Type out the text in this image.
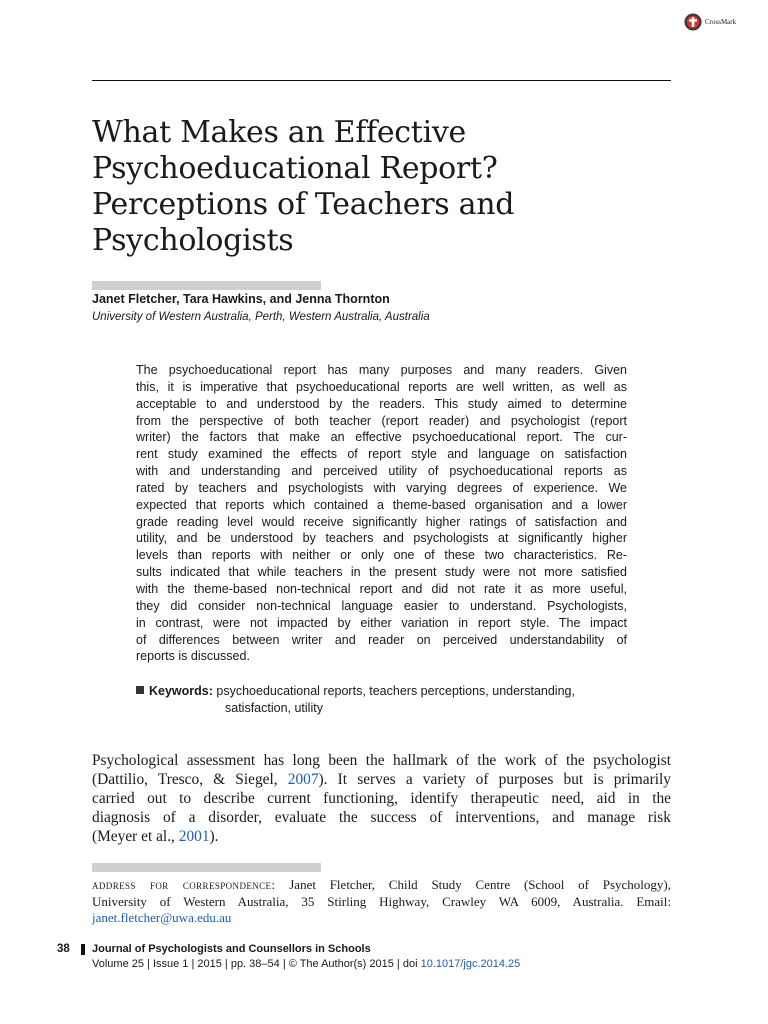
CrossMark
What Makes an Effective
Psychoeducational Report?
Perceptions of Teachers and
Psychologists
Janet Fletcher, Tara Hawkins, and Jenna Thornton
University of Western Australia, Perth, Western Australia, Australia
The psychoeducational report has many purposes and many readers. Given
this, it is imperative that psychoeducational reports are well written, as well as
acceptable to and understood by the readers. This study aimed to determine
from the perspective of both teacher (report reader) and psychologist (report
writer) the factors that make an effective psychoeducational report. The cur-
rent study examined the effects of report style and language on satisfaction
with and understanding and perceived utility of psychoeducational reports as
rated by teachers and psychologists with varying degrees of experience. We
expected that reports which contained a theme-based organisation and a lower
grade reading level would receive significantly higher ratings of satisfaction and
utility, and be understood by teachers and psychologists at significantly higher
levels than reports with neither or only one of these two characteristics. Re-
sults indicated that while teachers in the present study were not more satisfied
with the theme-based non-technical report and did not rate it as more useful,
they did consider non-technical language easier to understand. Psychologists,
in contrast, were not impacted by either variation in report style. The impact
of differences between writer and reader on perceived understandability of
reports is discussed.
Keywords: psychoeducational reports, teachers perceptions, understanding,
satisfaction, utility
Psychological assessment has long been the hallmark of the work of the psychologist
(Dattilio, Tresco, & Siegel, 2007). It serves a variety of purposes but is primarily
carried out to describe current functioning, identify therapeutic need, aid in the
diagnosis of a disorder, evaluate the success of interventions, and manage risk
(Meyer et al., 2001).
address for correspondence: Janet Fletcher, Child Study Centre (School of Psychology),
University of Western Australia, 35 Stirling Highway, Crawley WA 6009, Australia. Email:
janet.fletcher@uwa.edu.au
38 Journal of Psychologists and Counsellors in Schools
Volume 25 | Issue 1 | 2015 | pp. 38–54 | © The Author(s) 2015 | doi 10.1017/jgc.2014.25
